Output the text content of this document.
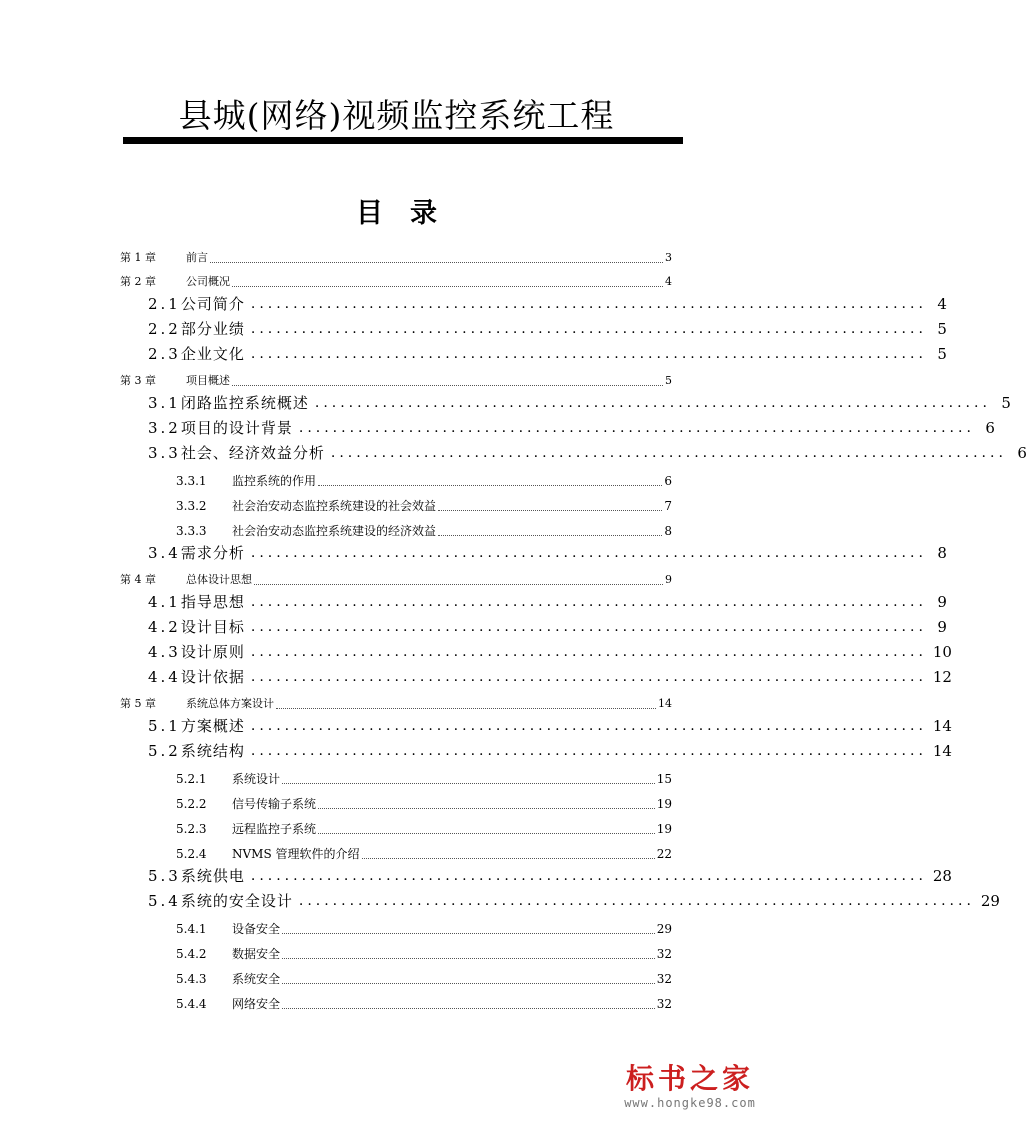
县城(网络)视频监控系统工程
目　录
第 1 章	前言	3
第 2 章	公司概况	4
2.1 公司简介 ................................................................................ 4
2.2 部分业绩 ................................................................................ 5
2.3 企业文化 ................................................................................ 5
第 3 章	项目概述	5
3.1 闭路监控系统概述 ................................................................................ 5
3.2 项目的设计背景 ................................................................................ 6
3.3 社会、经济效益分析 ................................................................................ 6
3.3.1	监控系统的作用	6
3.3.2	社会治安动态监控系统建设的社会效益	7
3.3.3	社会治安动态监控系统建设的经济效益	8
3.4 需求分析 ................................................................................ 8
第 4 章	总体设计思想	9
4.1 指导思想 ................................................................................ 9
4.2 设计目标 ................................................................................ 9
4.3 设计原则 ................................................................................ 10
4.4 设计依据 ................................................................................ 12
第 5 章	系统总体方案设计	14
5.1 方案概述 ................................................................................ 14
5.2 系统结构 ................................................................................ 14
5.2.1	系统设计	15
5.2.2	信号传输子系统	19
5.2.3	远程监控子系统	19
5.2.4	NVMS 管理软件的介绍	22
5.3 系统供电 ................................................................................ 28
5.4 系统的安全设计 ................................................................................ 29
5.4.1	设备安全	29
5.4.2	数据安全	32
5.4.3	系统安全	32
5.4.4	网络安全	32
标书之家
www.hongke98.com
